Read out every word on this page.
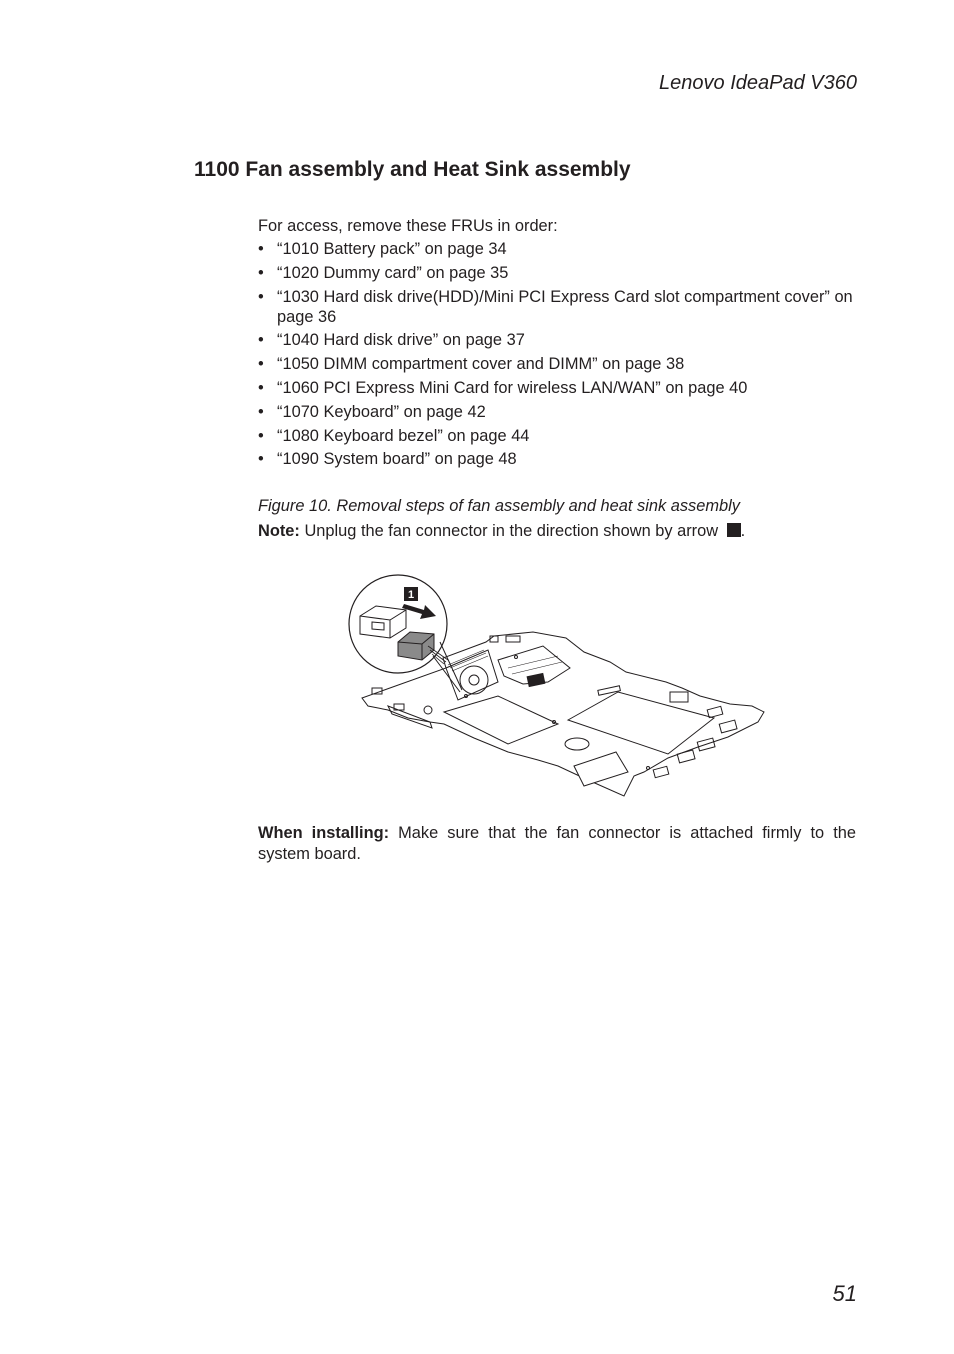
Lenovo IdeaPad V360
1100 Fan assembly and Heat Sink assembly
For access, remove these FRUs in order:
• “1010 Battery pack” on page 34
• “1020 Dummy card” on page 35
• “1030 Hard disk drive(HDD)/Mini PCI Express Card slot compartment cover” on page 36
• “1040 Hard disk drive” on page 37
• “1050 DIMM compartment cover and DIMM” on page 38
• “1060 PCI Express Mini Card for wireless LAN/WAN” on page 40
• “1070 Keyboard” on page 42
• “1080 Keyboard bezel” on page 44
• “1090 System board” on page 48
Figure 10. Removal steps of fan assembly and heat sink assembly
Note: Unplug the fan connector in the direction shown by arrow .
1
When installing: Make sure that the fan connector is attached firmly to the system board.
51
